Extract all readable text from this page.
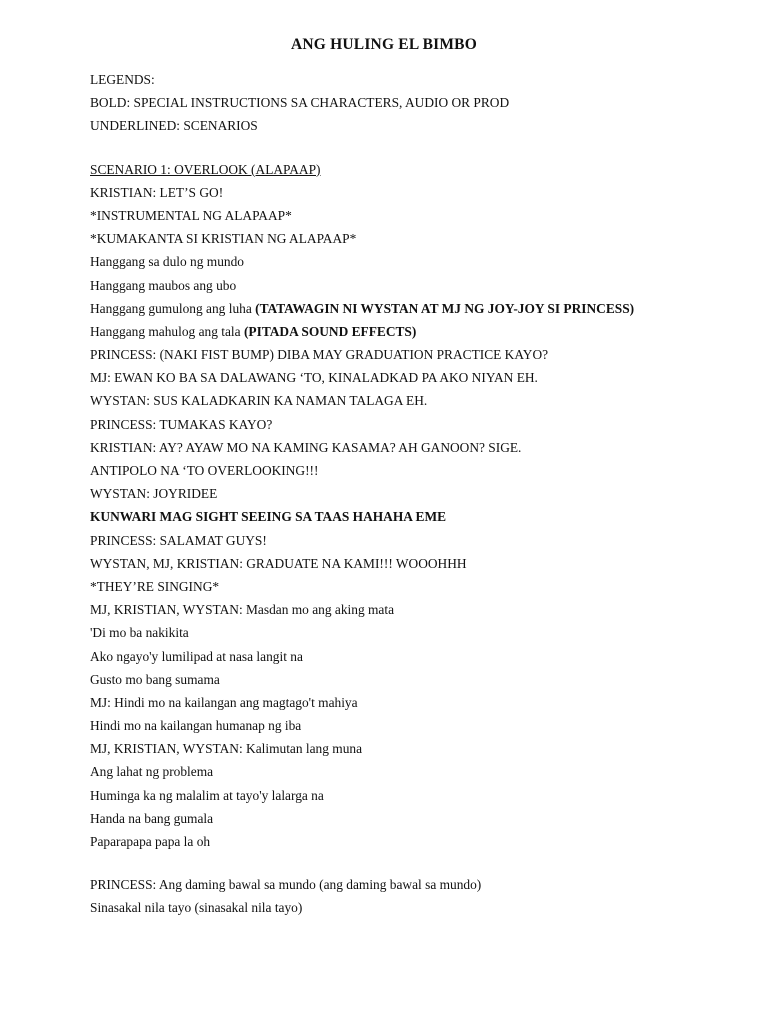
ANG HULING EL BIMBO
LEGENDS:
BOLD: SPECIAL INSTRUCTIONS SA CHARACTERS, AUDIO OR PROD
UNDERLINED: SCENARIOS
SCENARIO 1: OVERLOOK (ALAPAAP)
KRISTIAN: LET’S GO!
*INSTRUMENTAL NG ALAPAAP*
*KUMAKANTA SI KRISTIAN NG ALAPAAP*
Hanggang sa dulo ng mundo
Hanggang maubos ang ubo
Hanggang gumulong ang luha (TATAWAGIN NI WYSTAN AT MJ NG JOY-JOY SI PRINCESS)
Hanggang mahulog ang tala (PITADA SOUND EFFECTS)
PRINCESS: (NAKI FIST BUMP) DIBA MAY GRADUATION PRACTICE KAYO?
MJ: EWAN KO BA SA DALAWANG ‘TO, KINALADKAD PA AKO NIYAN EH.
WYSTAN: SUS KALADKARIN KA NAMAN TALAGA EH.
PRINCESS: TUMAKAS KAYO?
KRISTIAN: AY? AYAW MO NA KAMING KASAMA? AH GANOON? SIGE.
ANTIPOLO NA ‘TO OVERLOOKING!!!
WYSTAN: JOYRIDEE
KUNWARI MAG SIGHT SEEING SA TAAS HAHAHA EME
PRINCESS: SALAMAT GUYS!
WYSTAN, MJ, KRISTIAN: GRADUATE NA KAMI!!! WOOOHHH
*THEY’RE SINGING*
MJ, KRISTIAN, WYSTAN: Masdan mo ang aking mata
'Di mo ba nakikita
Ako ngayo'y lumilipad at nasa langit na
Gusto mo bang sumama
MJ: Hindi mo na kailangan ang magtago't mahiya
Hindi mo na kailangan humanap ng iba
MJ, KRISTIAN, WYSTAN: Kalimutan lang muna
Ang lahat ng problema
Huminga ka ng malalim at tayo'y lalarga na
Handa na bang gumala
Paparapapa papa la oh
PRINCESS: Ang daming bawal sa mundo (ang daming bawal sa mundo)
Sinasakal nila tayo (sinasakal nila tayo)
